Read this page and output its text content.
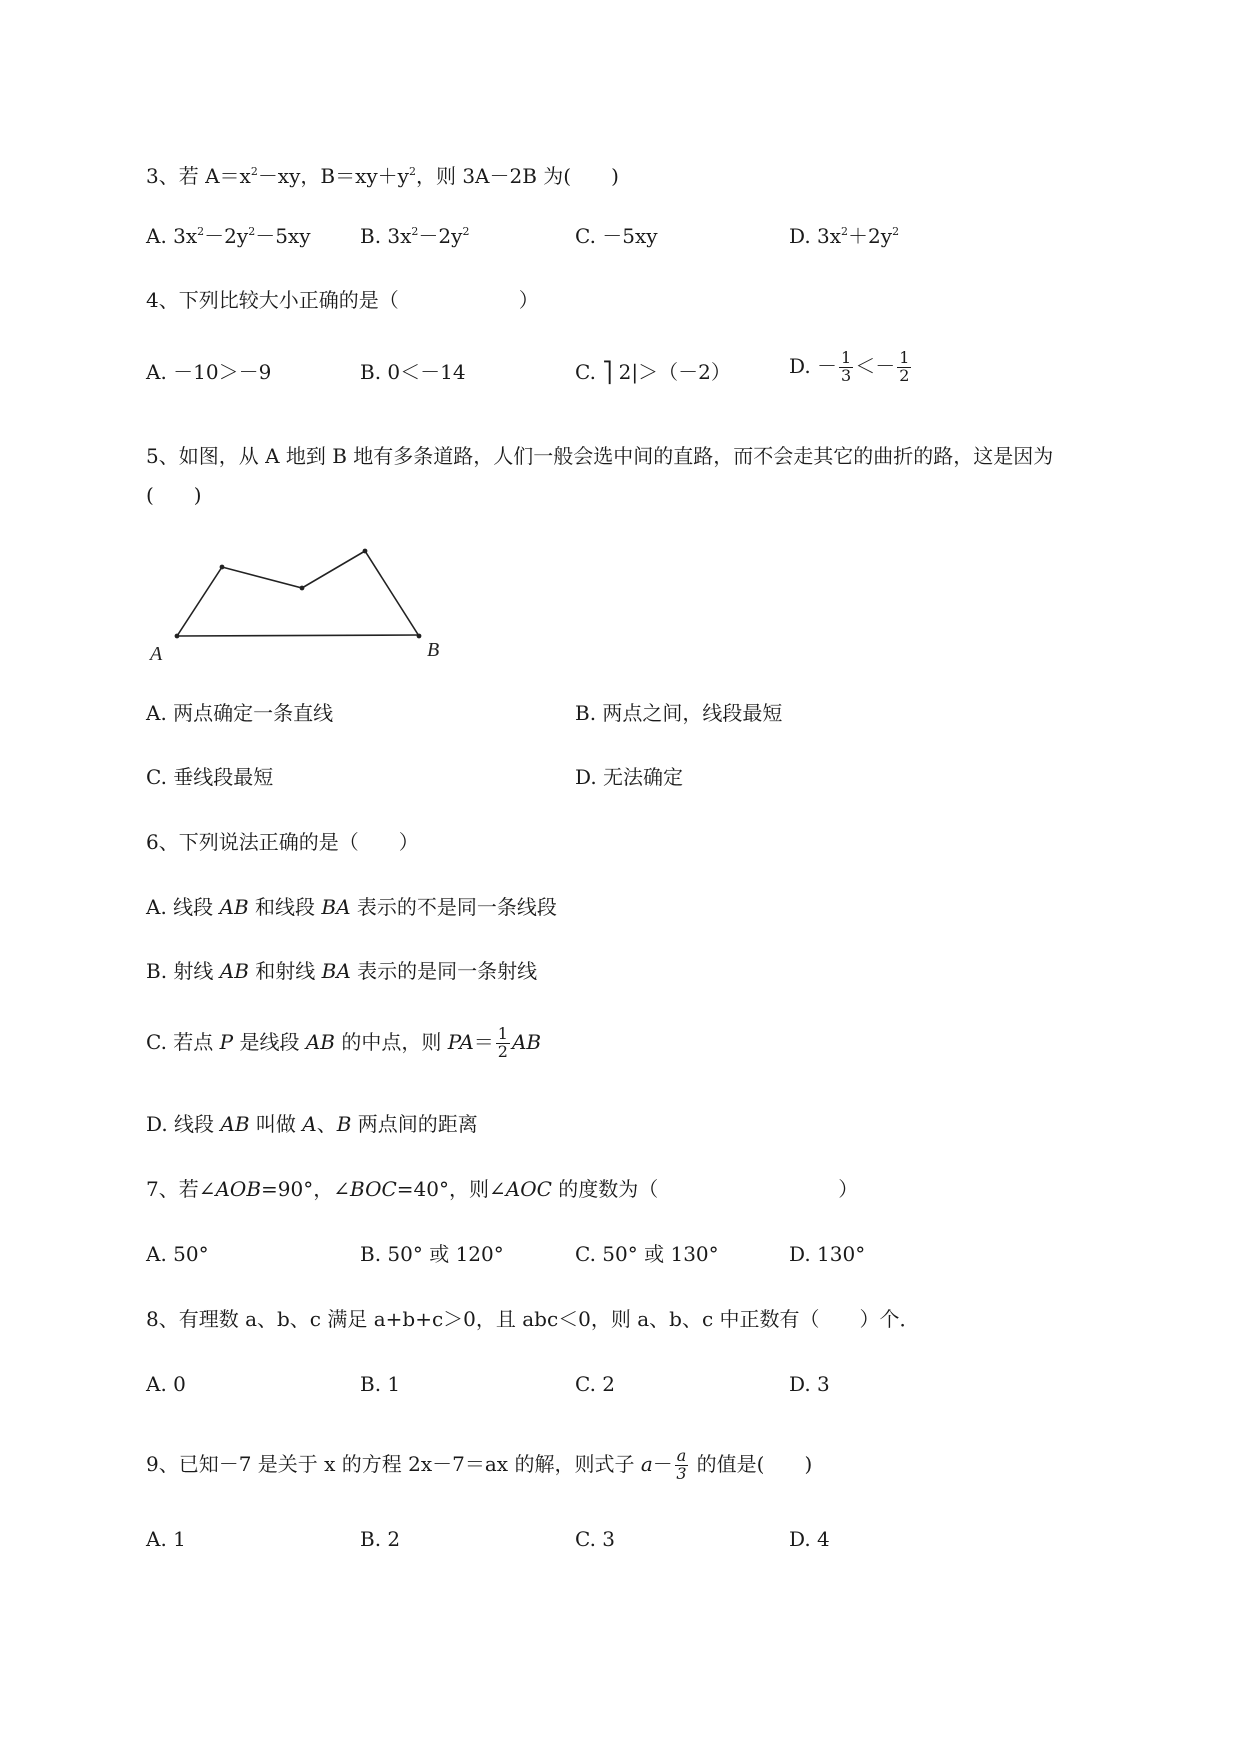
3、若 $A=x^2-xy$，$B=xy+y^2$，则 3A－2B 为(　　)
A. $3x^2-2y^2-5xy$ B. $3x^2-2y^2$	C. －5xy	D. $3x^2+2y^2$
4、下列比较大小正确的是（　　　　　　）
A. －10＞－9	B. 0＜－14	C. ⎤ 2|＞（－2）	D. － $\frac{1}{3} <- \frac{1}{2}$
5、如图，从 A 地到 B 地有多条道路，人们一般会选中间的直路，而不会走其它的曲折的路，这是因为
(　　)
A	B
A. 两点确定一条直线	B. 两点之间，线段最短
C. 垂线段最短	D. 无法确定
6、下列说法正确的是（　　）
A. 线段 AB 和线段 BA 表示的不是同一条线段
B. 射线 AB 和射线 BA 表示的是同一条射线
C. 若点 P 是线段 AB 的中点，则 $PA= \frac{1}{2}$ AB
D. 线段 AB 叫做 A、B 两点间的距离
7、若∠AOB=90°，∠BOC=40°，则∠AOC 的度数为（　　　　　　　　　）
A. 50°	B. 50° 或 120°	C. 50° 或 130°	D. 130°
8、有理数 a、b、c 满足 a+b+c＞0，且 abc＜0，则 a、b、c 中正数有（　　）个．
A. 0	B. 1	C. 2	D. 3
9、已知－7 是关于 x 的方程 2x－7＝ax 的解，则式子 $a- \frac{a}{3}$ 的值是(　　)
A. 1	B. 2	C. 3	D. 4
